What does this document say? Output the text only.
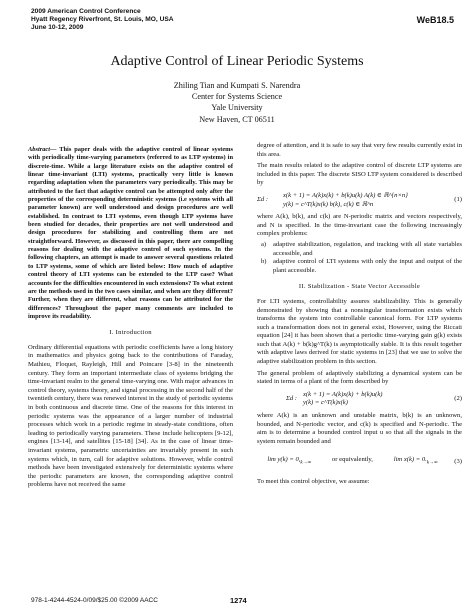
2009 American Control Conference
Hyatt Regency Riverfront, St. Louis, MO, USA
June 10-12, 2009
WeB18.5
Adaptive Control of Linear Periodic Systems
Zhiling Tian and Kumpati S. Narendra
Center for Systems Science
Yale University
New Haven, CT 06511

Abstract— This paper deals with the adaptive control of linear systems with periodically time-varying parameters (referred to as LTP systems) in discrete-time. While a large literature exists on the adaptive control of linear time-invariant (LTI) systems, practically very little is known regarding adaptation when the parameters vary periodically. This may be attributed to the fact that adaptive control can be attempted only after the properties of the corresponding deterministic systems (i.e systems with all parameter known) are well understood and design procedures are well established. In contrast to LTI systems, even though LTP systems have been studied for decades, their properties are not well understood and design procedures for stabilizing and controlling them are not straightforward. However, as discussed in this paper, there are compelling reasons for dealing with the adaptive control of such systems. In the following chapters, an attempt is made to answer several questions related to LTP systems, some of which are listed below: How much of adaptive control theory of LTI systems can be extended to the LTP case? What accounts for the difficulties encountered in such extensions? To what extent are the methods used in the two cases similar, and when are they different? Further, when they are different, what reasons can be attributed for the differences? Throughout the paper many comments are included to improve its readability.

I. Introduction

Ordinary differential equations with periodic coefficients have a long history in mathematics and physics going back to the contributions of Faraday, Mathieu, Floquet, Rayleigh, Hill and Poincare [3-8] in the nineteenth century. They form an important intermediate class of systems bridging the time-invariant realm to the general time-varying one. With major advances in control theory, systems theory, and signal processing in the second half of the twentieth century, there was renewed interest in the study of periodic systems in both continuous and discrete time. One of the reasons for this interest in periodic systems was the appearance of a larger number of industrial processes which work in a periodic regime in steady-state conditions, often leading to periodically varying parameters. These include helicopters [9-12], engines [13-14], and satellites [15-18] [34]. As in the case of linear time-invariant systems, parametric uncertainties are invariably present in such systems which, in turn, call for adaptive solutions. However, while control methods have been investigated extensively for deterministic systems where the periodic parameters are known, the corresponding adaptive control problems have not received the same

degree of attention, and it is safe to say that very few results currently exist in this area.

The main results related to the adaptive control of discrete LTP systems are included in this paper. The discrete SISO LTP system considered is described by

Σd :
x(k + 1) = A(k)x(k) + b(k)u(k) A(k) ∈ ℝ^{n×n}
y(k) = c^T(k)x(k) b(k), c(k) ∈ ℝ^n
(1)

where A(k), b(k), and c(k) are N-periodic matrix and vectors respectively, and N is specified. In the time-invariant case the following increasingly complex problems:

a) adaptive stabilization, regulation, and tracking with all state variables accessible, and
b) adaptive control of LTI systems with only the input and output of the plant accessible.
II. Stabilization - State Vector Accessible

For LTI systems, controllability assures stabilizability. This is generally demonstrated by showing that a nonsingular transformation exists which transforms the system into controllable canonical form. For LTP systems such a transformation does not in general exist, However, using the Riccati equation [24] it has been shown that a periodic time-varying gain g(k) exists such that A(k) + b(k)g^T(k) is asymptotically stable. It is this result together with adaptive laws derived for static systems in [23] that we use to solve the adaptive stabilization problem in this section.

The general problem of adaptively stabilizing a dynamical system can be stated in terms of a plant of the form described by

Σd :
x(k + 1) = A(k)x(k) + b(k)u(k)
y(k) = c^T(k)x(k)
(2)

where A(k) is an unknown and unstable matrix, b(k) is an unknown, bounded, and N-periodic vector, and c(k) is specified and N-periodic. The aim is to determine a bounded control input u so that all the signals in the system remain bounded and

$\lim y(k) = 0,_{k\to\infty}$	or equivalently,	$\lim x(k) = 0._{k\to\infty}$	(3)

To meet this control objective, we assume:

978-1-4244-4524-0/09/$25.00 ©2009 AACC	1274
